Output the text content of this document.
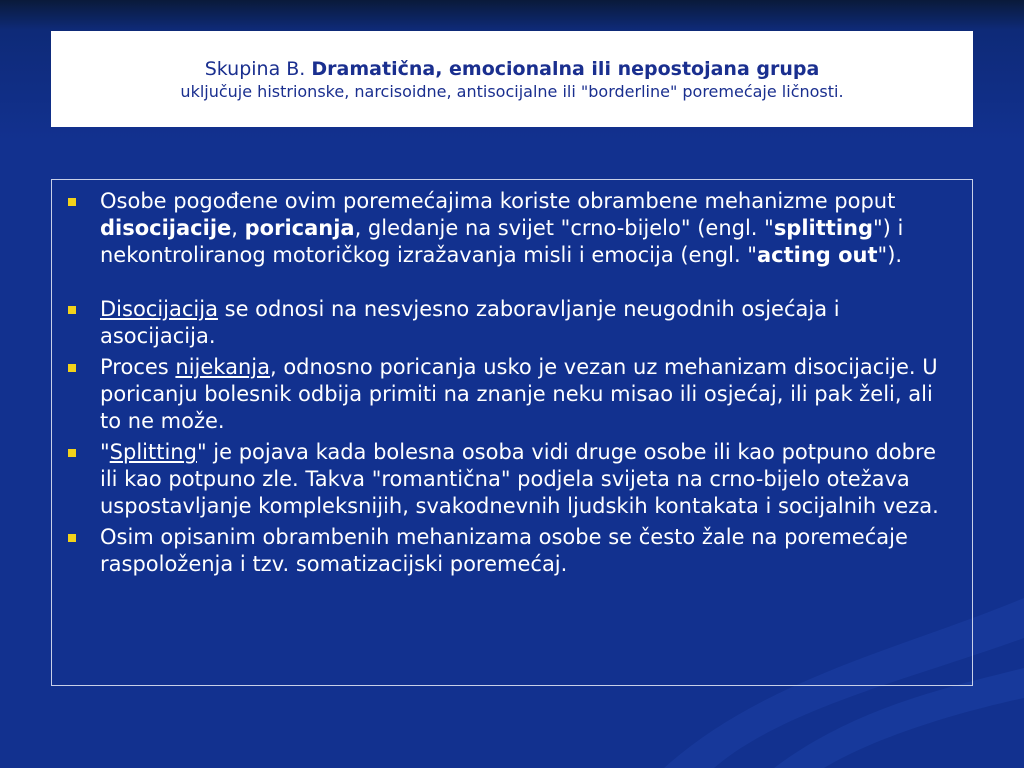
Skupina B. Dramatična, emocionalna ili nepostojana grupa
uključuje histrionske, narcisoidne, antisocijalne ili "borderline" poremećaje ličnosti.
Osobe pogođene ovim poremećajima koriste obrambene mehanizme poput disocijacije, poricanja, gledanje na svijet "crno-bijelo" (engl. "splitting") i nekontroliranog motoričkog izražavanja misli i emocija (engl. "acting out").
Disocijacija se odnosi na nesvjesno zaboravljanje neugodnih osjećaja i asocijacija.
Proces nijekanja, odnosno poricanja usko je vezan uz mehanizam disocijacije. U poricanju bolesnik odbija primiti na znanje neku misao ili osjećaj, ili pak želi, ali to ne može.
"Splitting" je pojava kada bolesna osoba vidi druge osobe ili kao potpuno dobre ili kao potpuno zle. Takva "romantična" podjela svijeta na crno-bijelo otežava uspostavljanje kompleksnijih, svakodnevnih ljudskih kontakata i socijalnih veza.
Osim opisanim obrambenih mehanizama osobe se često žale na poremećaje raspoloženja i tzv. somatizacijski poremećaj.
